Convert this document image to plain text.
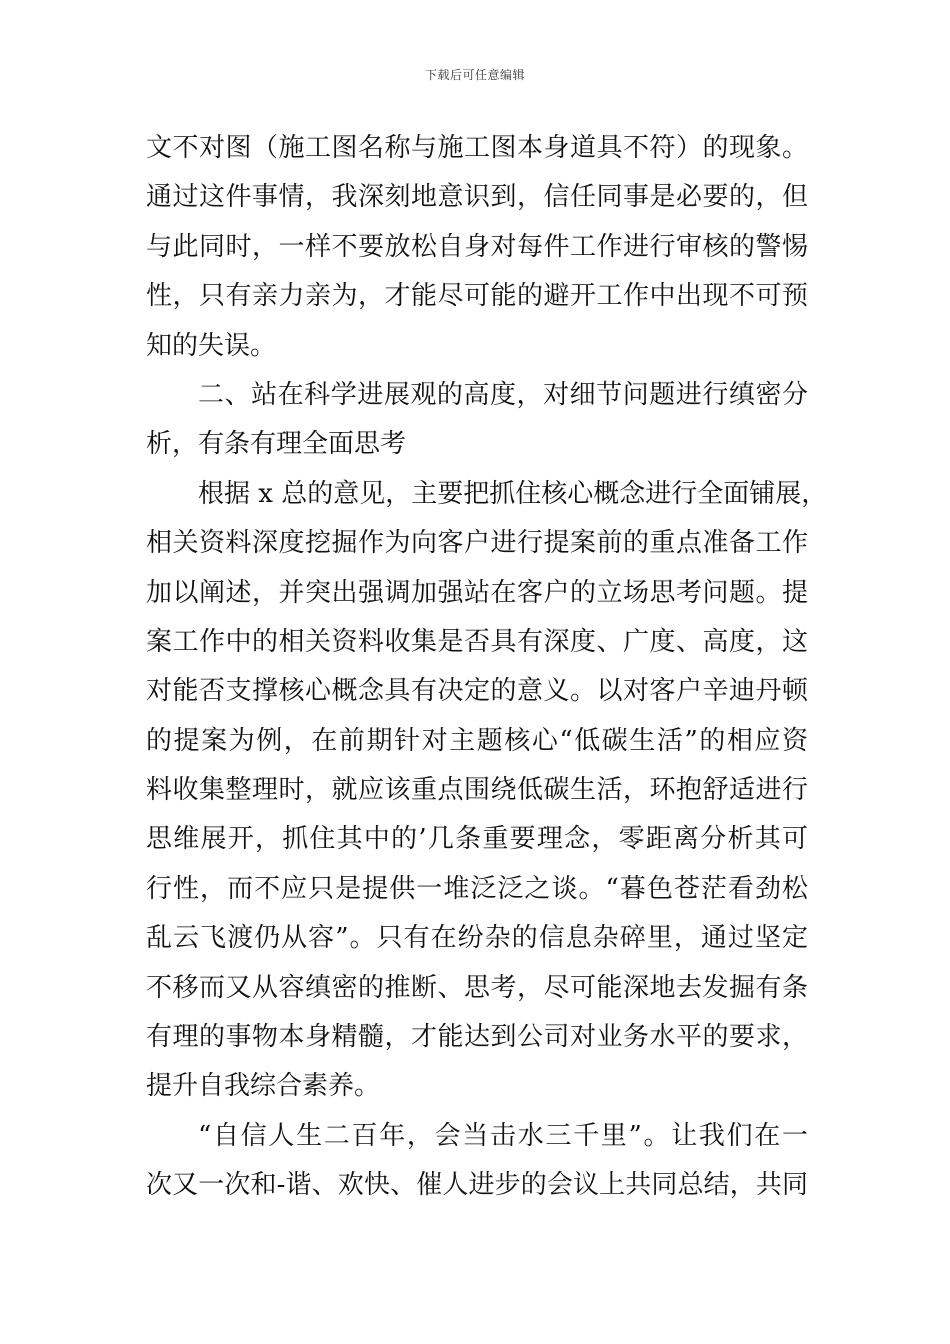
下载后可任意编辑
文不对图（施工图名称与施工图本身道具不符）的现象。
通过这件事情，我深刻地意识到，信任同事是必要的，但
与此同时，一样不要放松自身对每件工作进行审核的警惕
性，只有亲力亲为，才能尽可能的避开工作中出现不可预
知的失误。
二、站在科学进展观的高度，对细节问题进行缜密分
析，有条有理全面思考
根据 x 总的意见，主要把抓住核心概念进行全面铺展，
相关资料深度挖掘作为向客户进行提案前的重点准备工作
加以阐述，并突出强调加强站在客户的立场思考问题。提
案工作中的相关资料收集是否具有深度、广度、高度，这
对能否支撑核心概念具有决定的意义。以对客户辛迪丹顿
的提案为例，在前期针对主题核心“低碳生活”的相应资
料收集整理时，就应该重点围绕低碳生活，环抱舒适进行
思维展开，抓住其中的’几条重要理念，零距离分析其可
行性，而不应只是提供一堆泛泛之谈。“暮色苍茫看劲松
乱云飞渡仍从容”。只有在纷杂的信息杂碎里，通过坚定
不移而又从容缜密的推断、思考，尽可能深地去发掘有条
有理的事物本身精髓，才能达到公司对业务水平的要求，
提升自我综合素养。
“自信人生二百年，会当击水三千里”。让我们在一
次又一次和-谐、欢快、催人进步的会议上共同总结，共同
